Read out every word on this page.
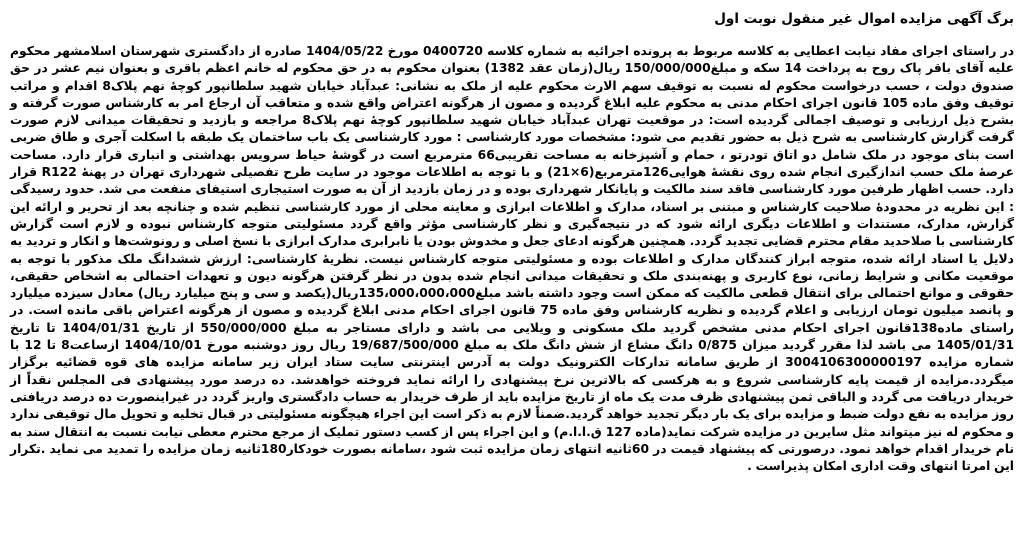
برگ آگهی مزایده اموال غیر منقول نوبت اول

در راستای اجرای مفاد نیابت اعطایی به کلاسه مربوط به پرونده اجرائیه به شماره کلاسه 0400720 مورخ 1404/05/22 صادره از دادگستری شهرستان اسلامشهر محکوم علیه آقای باقر پاک روح به پرداخت 14 سکه و مبلغ150/000/000 ریال(زمان عقد 1382) بعنوان محکوم به در حق محکوم له خانم اعظم باقری و بعنوان نیم عشر در حق صندوق دولت ، حسب درخواست محکوم له نسبت به توقیف سهم الارث محکوم علیه از ملک به نشانی: عبدآباد خیابان شهید سلطانپور کوچۀ نهم پلاک8 اقدام و مراتب توقیف وفق ماده 105 قانون اجرای احکام مدنی به محکوم علیه ابلاغ گردیده و مصون از هرگونه اعتراض واقع شده و متعاقب آن ارجاع امر به کارشناس صورت گرفته و بشرح ذیل ارزیابی و توصیف اجمالی گردیده است: در موقعیت تهران عبدآباد خیابان شهید سلطانپور کوچۀ نهم پلاک8 مراجعه و بازدید و تحقیقات میدانی لازم صورت گرفت گزارش کارشناسی به شرح ذیل به حضور تقدیم می شود: مشخصات مورد کارشناسی : مورد کارشناسی یک باب ساختمان یک طبقه با اسکلت آجری و طاق ضربی است بنای موجود در ملک شامل دو اتاق تودرتو ، حمام و آشپزخانه به مساحت تقریبی66 مترمربع است در گوشۀ حیاط سرویس بهداشتی و انباری قرار دارد. مساحت عرصۀ ملک حسب اندازگیری انجام شده روی نقشۀ هوایی126مترمربع(6×21) و با توجه به اطلاعات موجود در سایت طرح تفصیلی شهرداری تهران در پهنۀ R122 قرار دارد. حسب اظهار طرفین مورد کارشناسی فاقد سند مالکیت و پایانکار شهرداری بوده و در زمان بازدید از آن به صورت استیجاری استیفای منفعت می شد. حدود رسیدگی : این نظریه در محدودۀ صلاحیت کارشناس و مبتنی بر اسناد، مدارک و اطلاعات ابرازی و معاینه محلی از مورد کارشناسی تنظیم شده و چنانچه بعد از تحریر و ارائه این گزارش، مدارک، مستندات و اطلاعات دیگری ارائه شود که در نتیجه‌گیری و نظر کارشناسی مؤثر واقع گردد مسئولیتی متوجه کارشناس نبوده و لازم است گزارش کارشناسی با صلاحدید مقام محترم قضایی تجدید گردد. همچنین هرگونه ادعای جعل و مخدوش بودن یا نابرابری مدارک ابرازی با نسخ اصلی و رونوشت‌ها و انکار و تردید به دلایل یا اسناد ارائه شده، متوجه ابراز کنندگان مدارک و اطلاعات بوده و مسئولیتی متوجه کارشناس نیست. نظریۀ کارشناسی: ارزش ششدانگ ملک مذکور با توجه به موقعیت مکانی و شرایط زمانی، نوع کاربری و پهنه‌بندی ملک و تحقیقات میدانی انجام شده بدون در نظر گرفتن هرگونه دیون و تعهدات احتمالی به اشخاص حقیقی، حقوقی و موانع احتمالی برای انتقال قطعی مالکیت که ممکن است وجود داشته باشد مبلغ135،000،000،000ریال(یکصد و سی و پنج میلیارد ریال) معادل سیزده میلیارد و پانصد میلیون تومان ارزیابی و اعلام گردیده و نظریه کارشناس وفق ماده 75 قانون اجرای احکام مدنی ابلاغ گردیده و مصون از هرگونه اعتراض باقی مانده است. در راستای ماده138قانون اجرای احکام مدنی مشخص گردید ملک مسکونی و ویلایی می باشد و دارای مستاجر به مبلغ 550/000/000 از تاریخ 1404/01/31 تا تاریخ 1405/01/31 می باشد لذا مقرر گردید میزان 0/875 دانگ مشاع از شش دانگ ملک به مبلغ 19/687/500/000 ریال روز دوشنبه مورخ 1404/10/01 ازساعت8 تا 12 با شماره مزایده 3004106300000197 از طریق سامانه تدارکات الکترونیک دولت به آدرس اینترنتی سایت ستاد ایران زیر سامانه مزایده های قوه قضائیه برگزار میگردد.مزایده از قیمت پایه کارشناسی شروع و به هرکسی که بالاترین نرخ پیشنهادی را ارائه نماید فروخته خواهدشد. ده درصد مورد پیشنهادی فی المجلس نقداً از خریدار دریافت می گردد و الباقی ثمن پیشنهادی ظرف مدت یک ماه از تاریخ مزایده باید از طرف خریدار به حساب دادگستری واریز گردد در غیراینصورت ده درصد دریافتی روز مزایده به نفع دولت ضبط و مزایده برای یک بار دیگر تجدید خواهد گردید.ضمناً لازم به ذکر است این اجراء هیچگونه مسئولیتی در قبال تخلیه و تحویل مال توقیفی ندارد و محکوم له نیز میتواند مثل سایرین در مزایده شرکت نماید(ماده 127 ق.ا.ا.م) و این اجراء پس از کسب دستور تملیک از مرجع محترم معطی نیابت نسبت به انتقال سند به نام خریدار اقدام خواهد نمود. درصورتی که پیشنهاد قیمت در 60ثانیه انتهای زمان مزایده ثبت شود ،سامانه بصورت خودکار180ثانیه زمان مزایده را تمدید می نماید .تکرار این امرتا انتهای وقت اداری امکان پذیراست .
